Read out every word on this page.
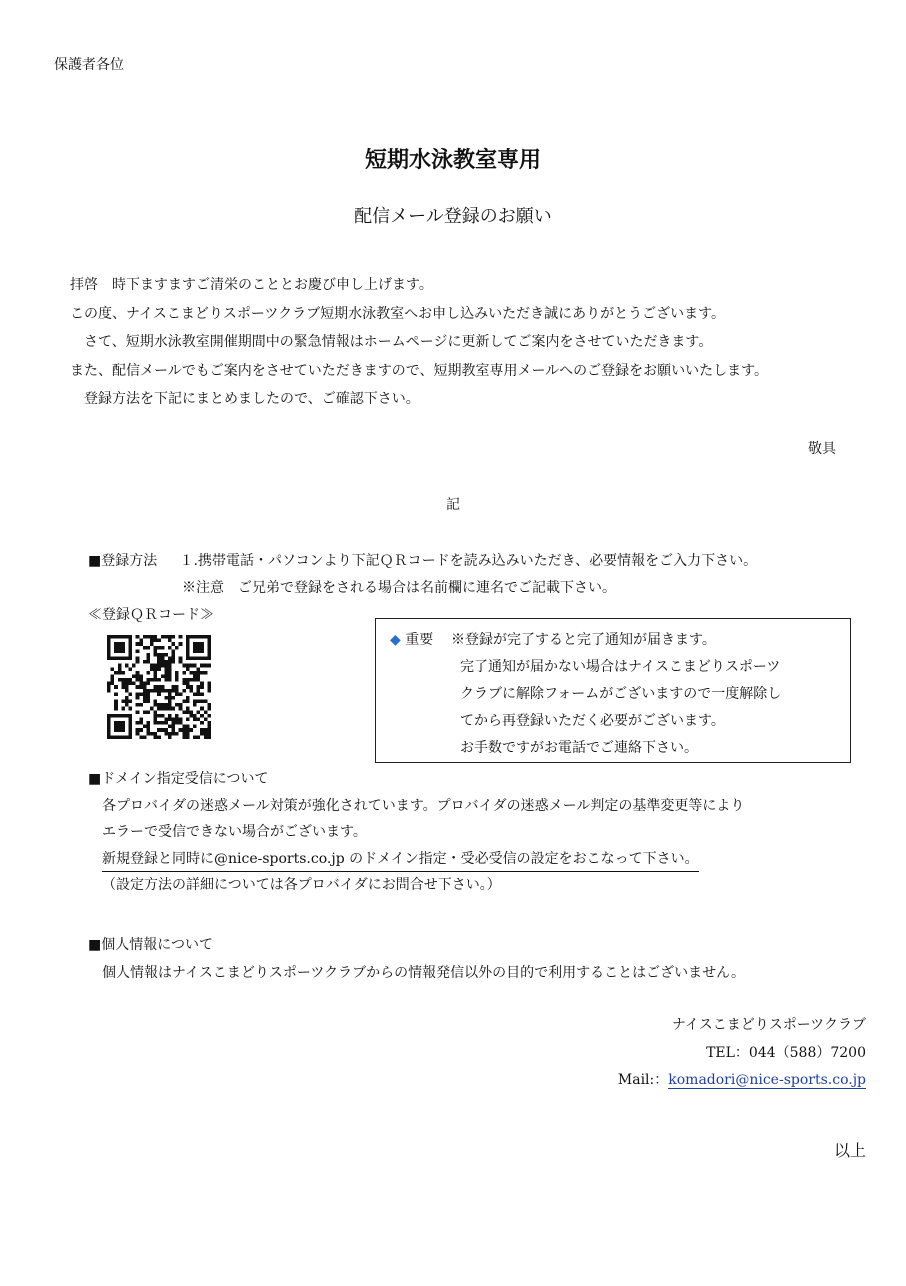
保護者各位
短期水泳教室専用
配信メール登録のお願い
拝啓　時下ますますご清栄のこととお慶び申し上げます。
この度、ナイスこまどりスポーツクラブ短期水泳教室へお申し込みいただき誠にありがとうございます。
　さて、短期水泳教室開催期間中の緊急情報はホームページに更新してご案内をさせていただきます。
また、配信メールでもご案内をさせていただきますので、短期教室専用メールへのご登録をお願いいたします。
　登録方法を下記にまとめましたので、ご確認下さい。
敬具
記
■登録方法 １.携帯電話・パソコンより下記ＱＲコードを読み込みいただき、必要情報をご入力下さい。
※注意　ご兄弟で登録をされる場合は名前欄に連名でご記載下さい。
≪登録ＱＲコード≫
◆ 重要 ※登録が完了すると完了通知が届きます。
完了通知が届かない場合はナイスこまどりスポーツ
クラブに解除フォームがございますので一度解除し
てから再登録いただく必要がございます。
お手数ですがお電話でご連絡下さい。
■ドメイン指定受信について
各プロバイダの迷惑メール対策が強化されています。プロバイダの迷惑メール判定の基準変更等により
エラーで受信できない場合がございます。
新規登録と同時に@nice-sports.co.jp のドメイン指定・受必受信の設定をおこなって下さい。
（設定方法の詳細については各プロバイダにお問合せ下さい。）
■個人情報について
個人情報はナイスこまどりスポーツクラブからの情報発信以外の目的で利用することはございません。
ナイスこまどりスポーツクラブ
TEL：044（588）7200
Mail:：komadori@nice-sports.co.jp
以上
